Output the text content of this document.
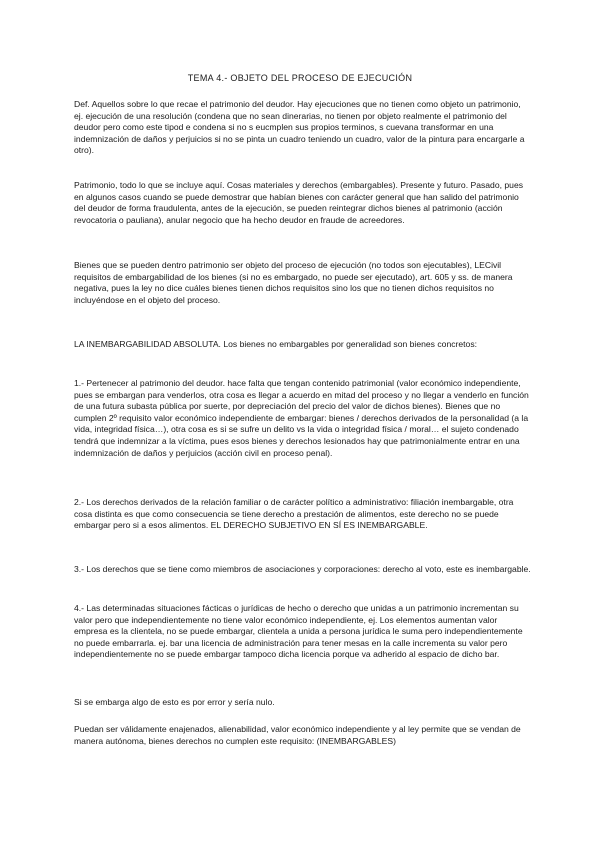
TEMA 4.- OBJETO DEL PROCESO DE EJECUCIÓN

Def. Aquellos sobre lo que recae el patrimonio del deudor. Hay ejecuciones que no tienen como objeto un patrimonio, ej. ejecución de una resolución (condena que no sean dinerarias, no tienen por objeto realmente el patrimonio del deudor pero como este tipod e condena si no s eucmplen sus propios terminos, s cuevana transformar en una indemnización de daños y perjuicios si no se pinta un cuadro teniendo un cuadro, valor de la pintura para encargarle a otro).

Patrimonio, todo lo que se incluye aquí. Cosas materiales y derechos (embargables). Presente y futuro. Pasado, pues en algunos casos cuando se puede demostrar que habían bienes con carácter general que han salido del patrimonio del deudor de forma fraudulenta, antes de la ejecución, se pueden reintegrar dichos bienes al patrimonio (acción revocatoria o pauliana), anular negocio que ha hecho deudor en fraude de acreedores.

Bienes que se pueden dentro patrimonio ser objeto del proceso de ejecución (no todos son ejecutables), LECivil requisitos de embargabilidad de los bienes (si no es embargado, no puede ser ejecutado), art. 605 y ss. de manera negativa, pues la ley no dice cuáles bienes tienen dichos requisitos sino los que no tienen dichos requisitos no incluyéndose en el objeto del proceso.

LA INEMBARGABILIDAD ABSOLUTA. Los bienes no embargables por generalidad son bienes concretos:

1.- Pertenecer al patrimonio del deudor. hace falta que tengan contenido patrimonial (valor económico independiente, pues se embargan para venderlos, otra cosa es llegar a acuerdo en mitad del proceso y no llegar a venderlo en función de una futura subasta pública por suerte, por depreciación del precio del valor de dichos bienes). Bienes que no cumplen 2º requisito valor económico independiente de embargar: bienes / derechos derivados de la personalidad (a la vida, integridad física…), otra cosa es si se sufre un delito vs la vida o integridad física / moral… el sujeto condenado tendrá que indemnizar a la víctima, pues esos bienes y derechos lesionados hay que patrimonialmente entrar en una indemnización de daños y perjuicios (acción civil en proceso penal).

2.- Los derechos derivados de la relación familiar o de carácter político a administrativo: filiación inembargable, otra cosa distinta es que como consecuencia se tiene derecho a prestación de alimentos, este derecho no se puede embargar pero si a esos alimentos. EL DERECHO SUBJETIVO EN SÍ ES INEMBARGABLE.

3.- Los derechos que se tiene como miembros de asociaciones y corporaciones: derecho al voto, este es inembargable.

4.- Las determinadas situaciones fácticas o jurídicas de hecho o derecho que unidas a un patrimonio incrementan su valor pero que independientemente no tiene valor económico independiente, ej. Los elementos aumentan valor empresa es la clientela, no se puede embargar, clientela a unida a persona jurídica le suma pero independientemente no puede embarrarla. ej. bar una licencia de administración para tener mesas en la calle incrementa su valor pero independientemente no se puede embargar tampoco dicha licencia porque va adherido al espacio de dicho bar.

Si se embarga algo de esto es por error y sería nulo.

Puedan ser válidamente enajenados, alienabilidad, valor económico independiente y al ley permite que se vendan de manera autónoma, bienes derechos no cumplen este requisito: (INEMBARGABLES)
